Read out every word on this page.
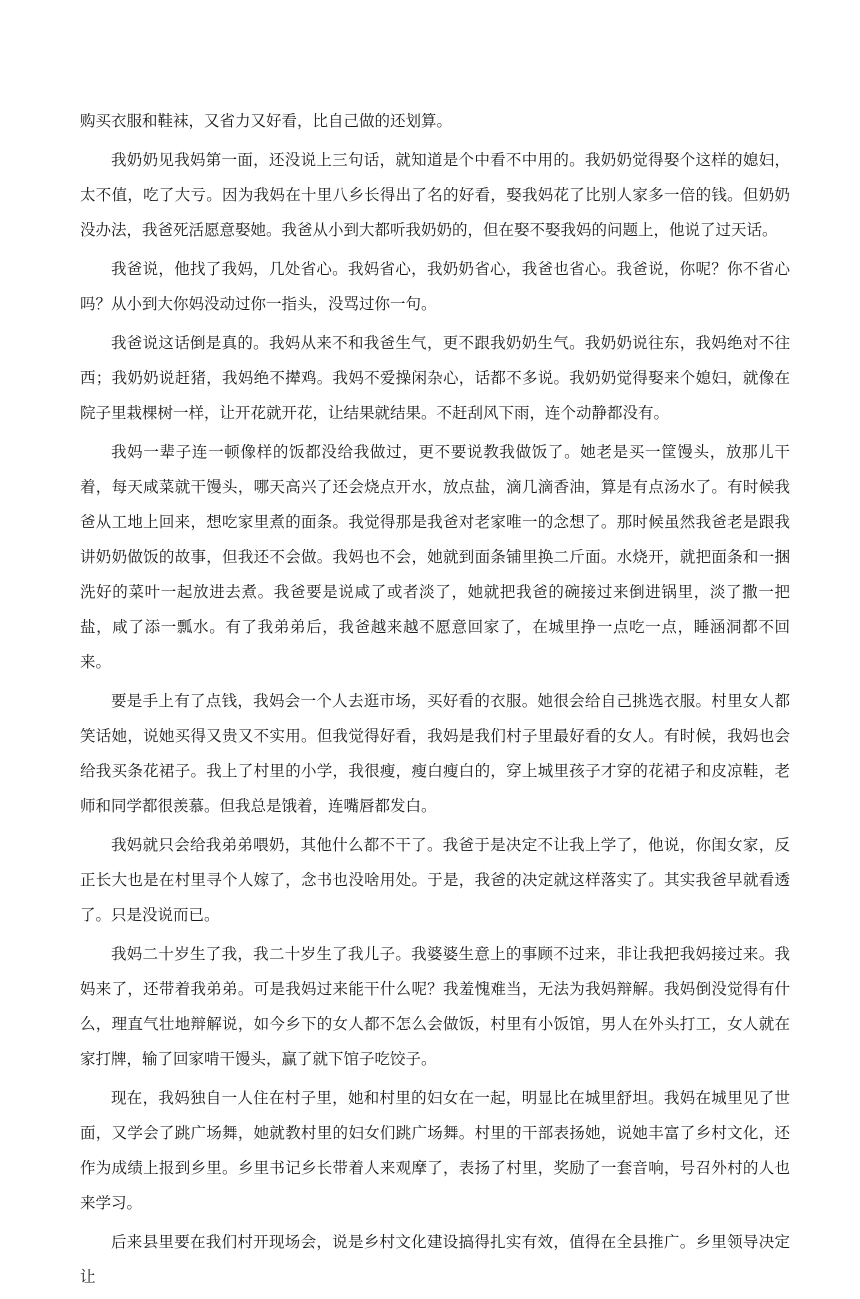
购买衣服和鞋袜，又省力又好看，比自己做的还划算。

我奶奶见我妈第一面，还没说上三句话，就知道是个中看不中用的。我奶奶觉得娶个这样的媳妇，太不值，吃了大亏。因为我妈在十里八乡长得出了名的好看，娶我妈花了比别人家多一倍的钱。但奶奶没办法，我爸死活愿意娶她。我爸从小到大都听我奶奶的，但在娶不娶我妈的问题上，他说了过天话。

我爸说，他找了我妈，几处省心。我妈省心，我奶奶省心，我爸也省心。我爸说，你呢？你不省心吗？从小到大你妈没动过你一指头，没骂过你一句。

我爸说这话倒是真的。我妈从来不和我爸生气，更不跟我奶奶生气。我奶奶说往东，我妈绝对不往西；我奶奶说赶猪，我妈绝不撵鸡。我妈不爱操闲杂心，话都不多说。我奶奶觉得娶来个媳妇，就像在院子里栽棵树一样，让开花就开花，让结果就结果。不赶刮风下雨，连个动静都没有。

我妈一辈子连一顿像样的饭都没给我做过，更不要说教我做饭了。她老是买一筐馒头，放那儿干着，每天咸菜就干馒头，哪天高兴了还会烧点开水，放点盐，滴几滴香油，算是有点汤水了。有时候我爸从工地上回来，想吃家里煮的面条。我觉得那是我爸对老家唯一的念想了。那时候虽然我爸老是跟我讲奶奶做饭的故事，但我还不会做。我妈也不会，她就到面条铺里换二斤面。水烧开，就把面条和一捆洗好的菜叶一起放进去煮。我爸要是说咸了或者淡了，她就把我爸的碗接过来倒进锅里，淡了撒一把盐，咸了添一瓢水。有了我弟弟后，我爸越来越不愿意回家了，在城里挣一点吃一点，睡涵洞都不回来。

要是手上有了点钱，我妈会一个人去逛市场，买好看的衣服。她很会给自己挑选衣服。村里女人都笑话她，说她买得又贵又不实用。但我觉得好看，我妈是我们村子里最好看的女人。有时候，我妈也会给我买条花裙子。我上了村里的小学，我很瘦，瘦白瘦白的，穿上城里孩子才穿的花裙子和皮凉鞋，老师和同学都很羡慕。但我总是饿着，连嘴唇都发白。

我妈就只会给我弟弟喂奶，其他什么都不干了。我爸于是决定不让我上学了，他说，你闺女家，反正长大也是在村里寻个人嫁了，念书也没啥用处。于是，我爸的决定就这样落实了。其实我爸早就看透了。只是没说而已。

我妈二十岁生了我，我二十岁生了我儿子。我婆婆生意上的事顾不过来，非让我把我妈接过来。我妈来了，还带着我弟弟。可是我妈过来能干什么呢？我羞愧难当，无法为我妈辩解。我妈倒没觉得有什么，理直气壮地辩解说，如今乡下的女人都不怎么会做饭，村里有小饭馆，男人在外头打工，女人就在家打牌，输了回家啃干馒头，赢了就下馆子吃饺子。

现在，我妈独自一人住在村子里，她和村里的妇女在一起，明显比在城里舒坦。我妈在城里见了世面，又学会了跳广场舞，她就教村里的妇女们跳广场舞。村里的干部表扬她，说她丰富了乡村文化，还作为成绩上报到乡里。乡里书记乡长带着人来观摩了，表扬了村里，奖励了一套音响，号召外村的人也来学习。

后来县里要在我们村开现场会，说是乡村文化建设搞得扎实有效，值得在全县推广。乡里领导决定让
